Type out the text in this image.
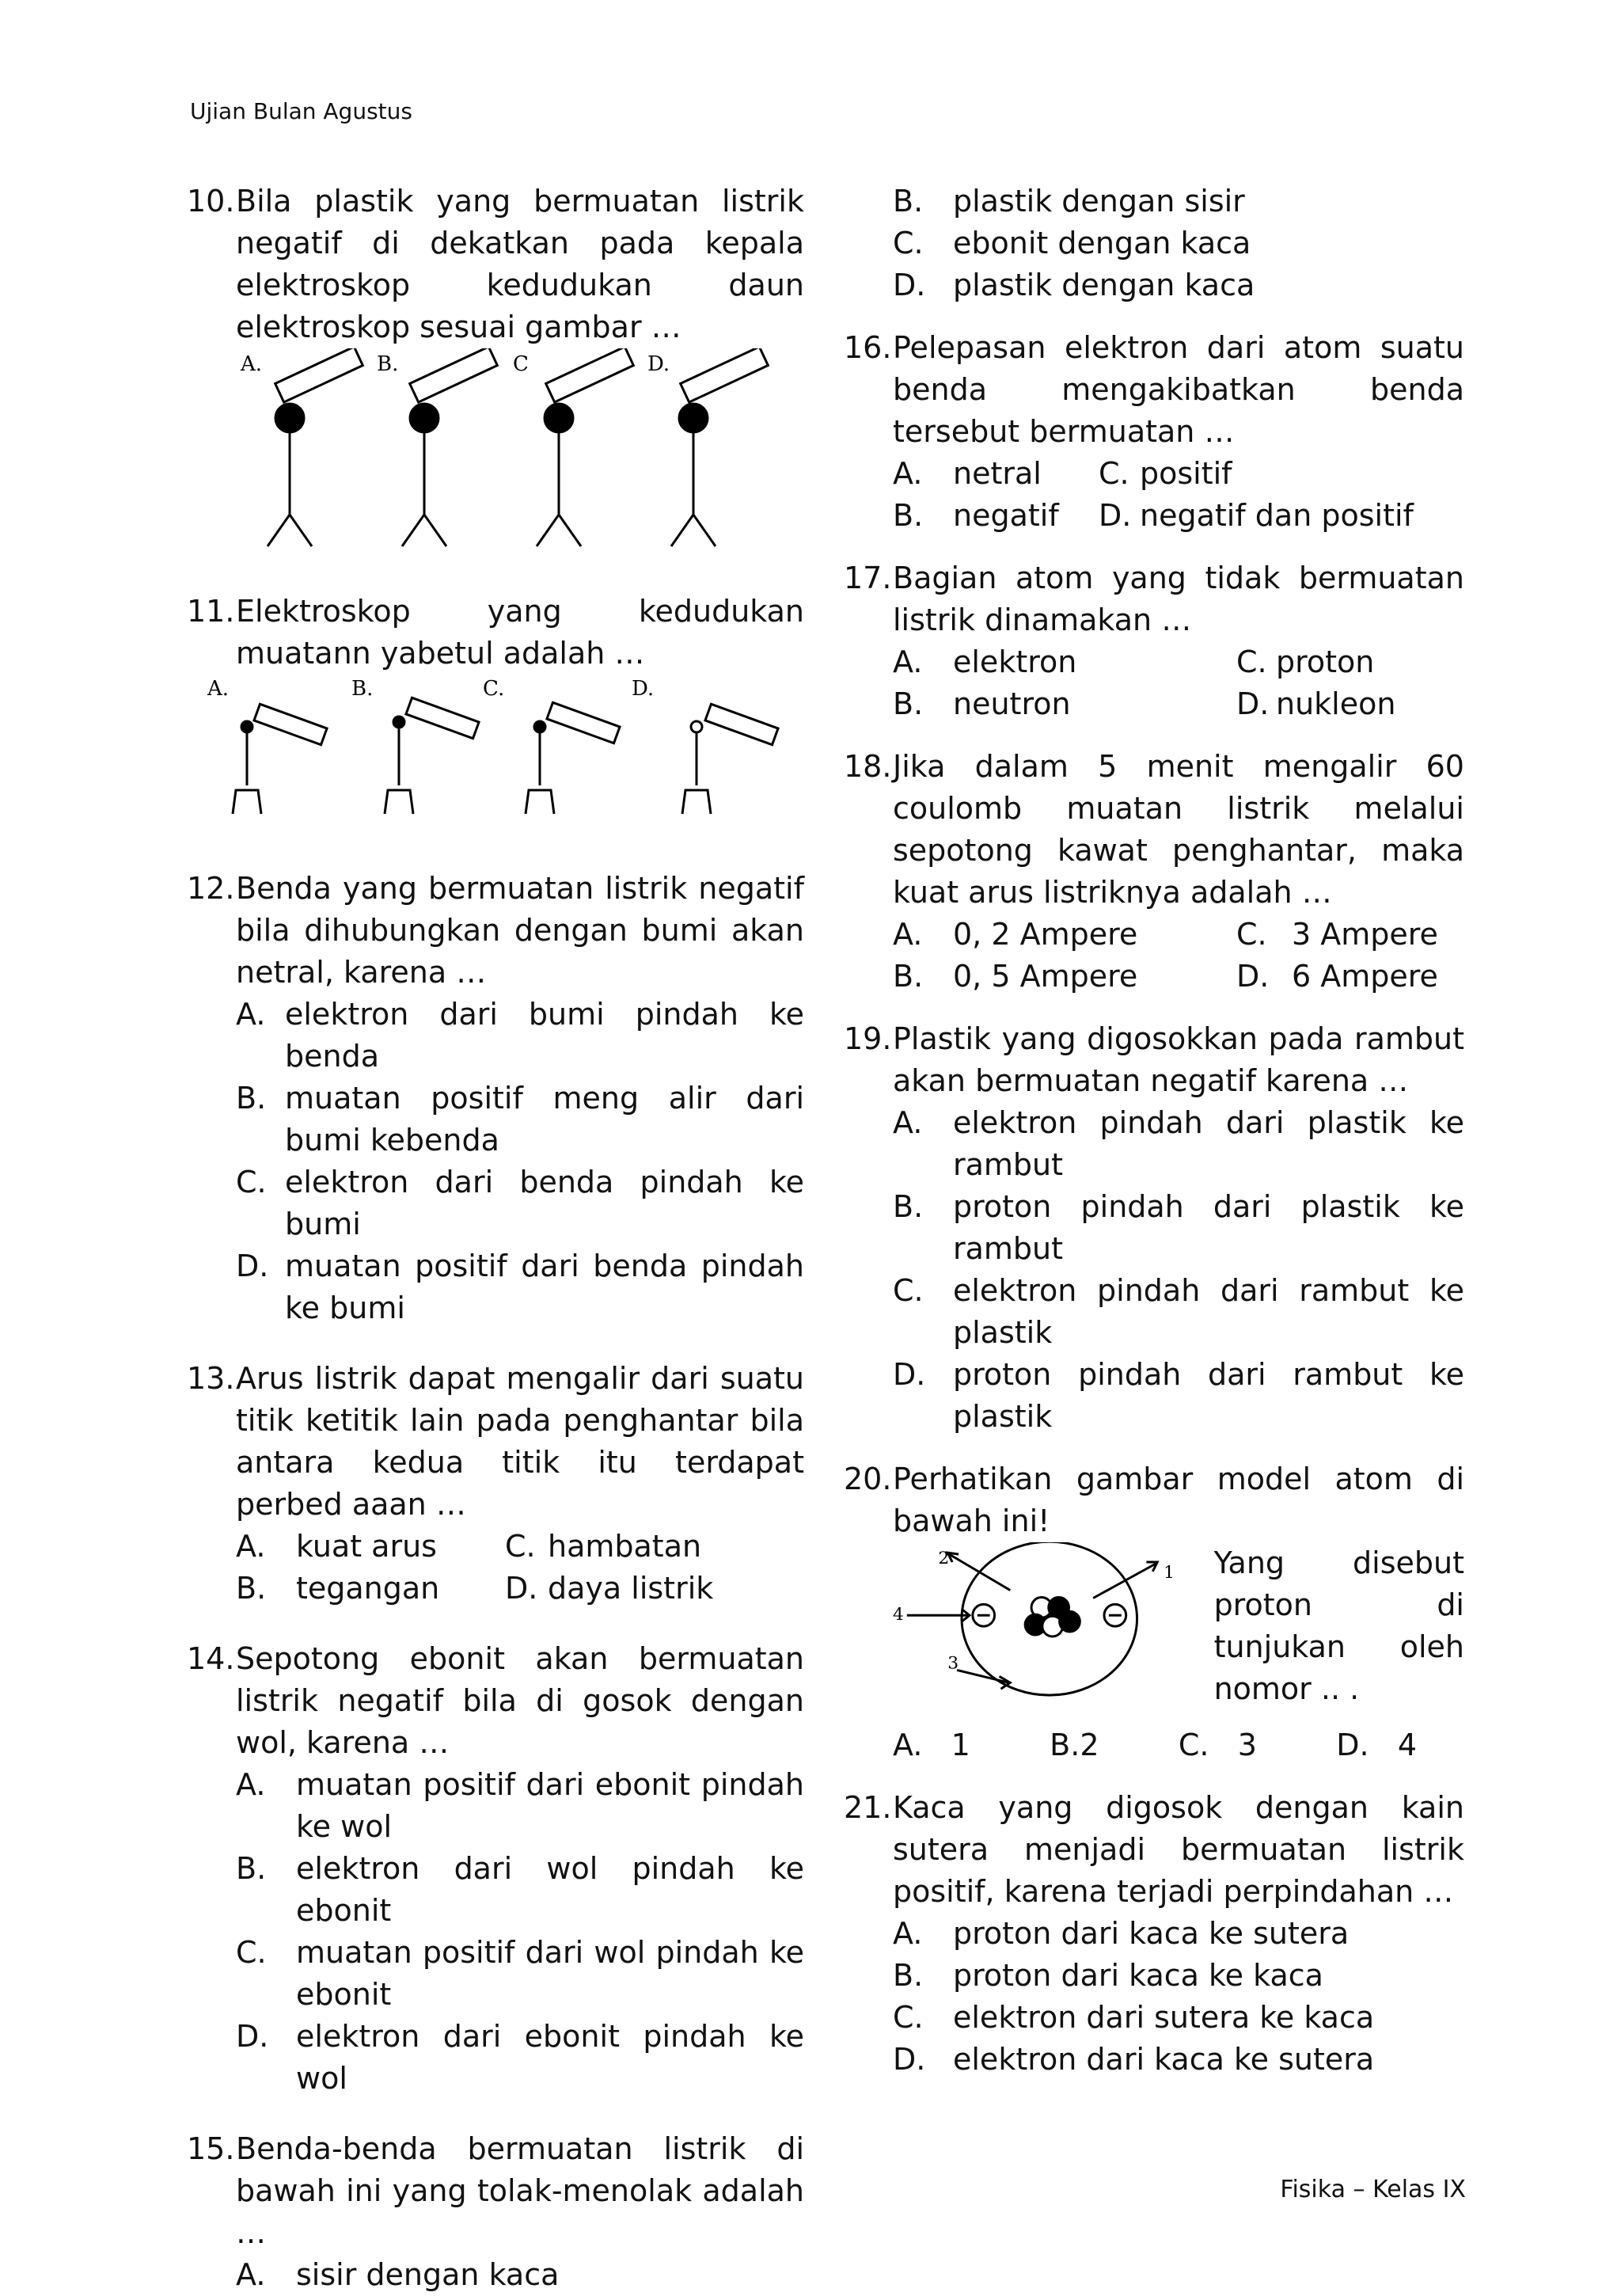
Ujian Bulan Agustus
10. Bila plastik yang bermuatan listrik negatif di dekatkan pada kepala elektroskop kedudukan daun elektroskop sesuai gambar …
A.	B.	C	D.
11. Elektroskop yang kedudukan muatann yabetul adalah …
A.	B.	C.	D.
12. Benda yang bermuatan listrik negatif bila dihubungkan dengan bumi akan netral, karena …
A. elektron dari bumi pindah ke benda
B. muatan positif meng alir dari bumi kebenda
C. elektron dari benda pindah ke bumi
D. muatan positif dari benda pindah ke bumi
13. Arus listrik dapat mengalir dari suatu titik ketitik lain pada penghantar bila antara kedua titik itu terdapat perbed aaan …
A. kuat arus	C. hambatan
B. tegangan	D. daya listrik
14. Sepotong ebonit akan bermuatan listrik negatif bila di gosok dengan wol, karena …
A. muatan positif dari ebonit pindah ke wol
B. elektron dari wol pindah ke ebonit
C. muatan positif dari wol pindah ke ebonit
D. elektron dari ebonit pindah ke wol
15. Benda-benda bermuatan listrik di bawah ini yang tolak-menolak adalah …
A. sisir dengan kaca
B. plastik dengan sisir
C. ebonit dengan kaca
D. plastik dengan kaca
16. Pelepasan elektron dari atom suatu benda mengakibatkan benda tersebut bermuatan …
A. netral	C. positif
B. negatif	D. negatif dan positif
17. Bagian atom yang tidak bermuatan listrik dinamakan …
A. elektron	C. proton
B. neutron	D. nukleon
18. Jika dalam 5 menit mengalir 60 coulomb muatan listrik melalui sepotong kawat penghantar, maka kuat arus listriknya adalah …
A. 0, 2 Ampere	C. 3 Ampere
B. 0, 5 Ampere	D. 6 Ampere
19. Plastik yang digosokkan pada rambut akan bermuatan negatif karena …
A. elektron pindah dari plastik ke rambut
B. proton pindah dari plastik ke rambut
C. elektron pindah dari rambut ke plastik
D. proton pindah dari rambut ke plastik
20. Perhatikan gambar model atom di bawah ini!
2
1
4
3
Yang disebut proton di tunjukan oleh nomor .. .
A. 1	B.2	C. 3	D. 4
21. Kaca yang digosok dengan kain sutera menjadi bermuatan listrik positif, karena terjadi perpindahan …
A. proton dari kaca ke sutera
B. proton dari kaca ke kaca
C. elektron dari sutera ke kaca
D. elektron dari kaca ke sutera
Fisika – Kelas IX
